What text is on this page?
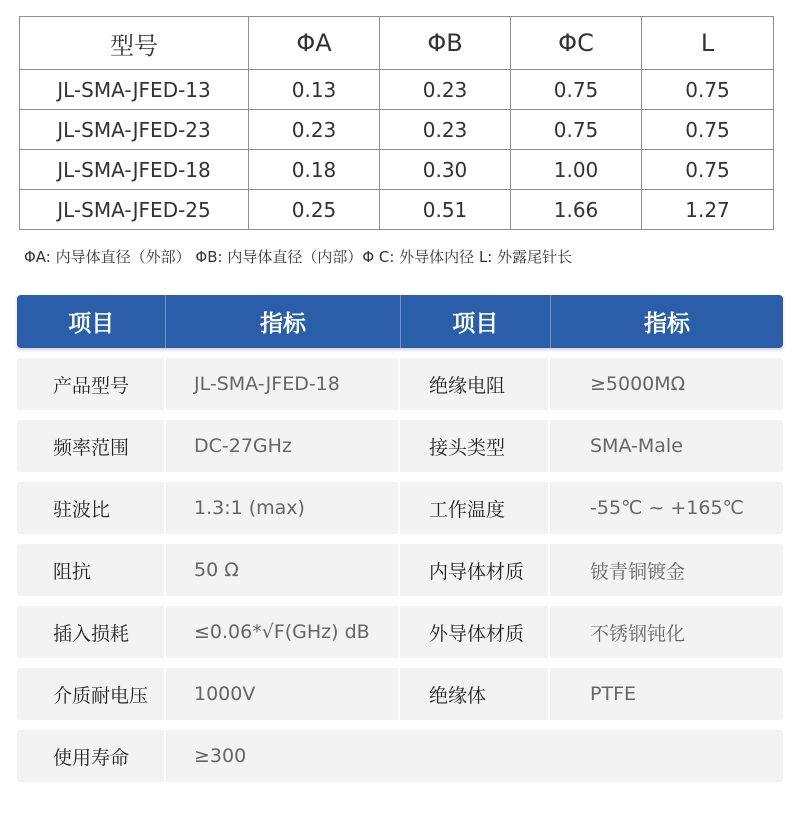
型号	ΦA	ΦB	ΦC	L
JL-SMA-JFED-13	0.13	0.23	0.75	0.75
JL-SMA-JFED-23	0.23	0.23	0.75	0.75
JL-SMA-JFED-18	0.18	0.30	1.00	0.75
JL-SMA-JFED-25	0.25	0.51	1.66	1.27
ΦA: 内导体直径（外部） ΦB: 内导体直径（内部）Φ C: 外导体内径 L: 外露尾针长
项目	指标	项目	指标
产品型号	JL-SMA-JFED-18	绝缘电阻	≥5000MΩ
频率范围	DC-27GHz	接头类型	SMA-Male
驻波比	1.3:1 (max)	工作温度	-55℃ ~ +165℃
阻抗	50 Ω	内导体材质	铍青铜镀金
插入损耗	≤0.06*√F(GHz) dB	外导体材质	不锈钢钝化
介质耐电压	1000V	绝缘体	PTFE
使用寿命	≥300
